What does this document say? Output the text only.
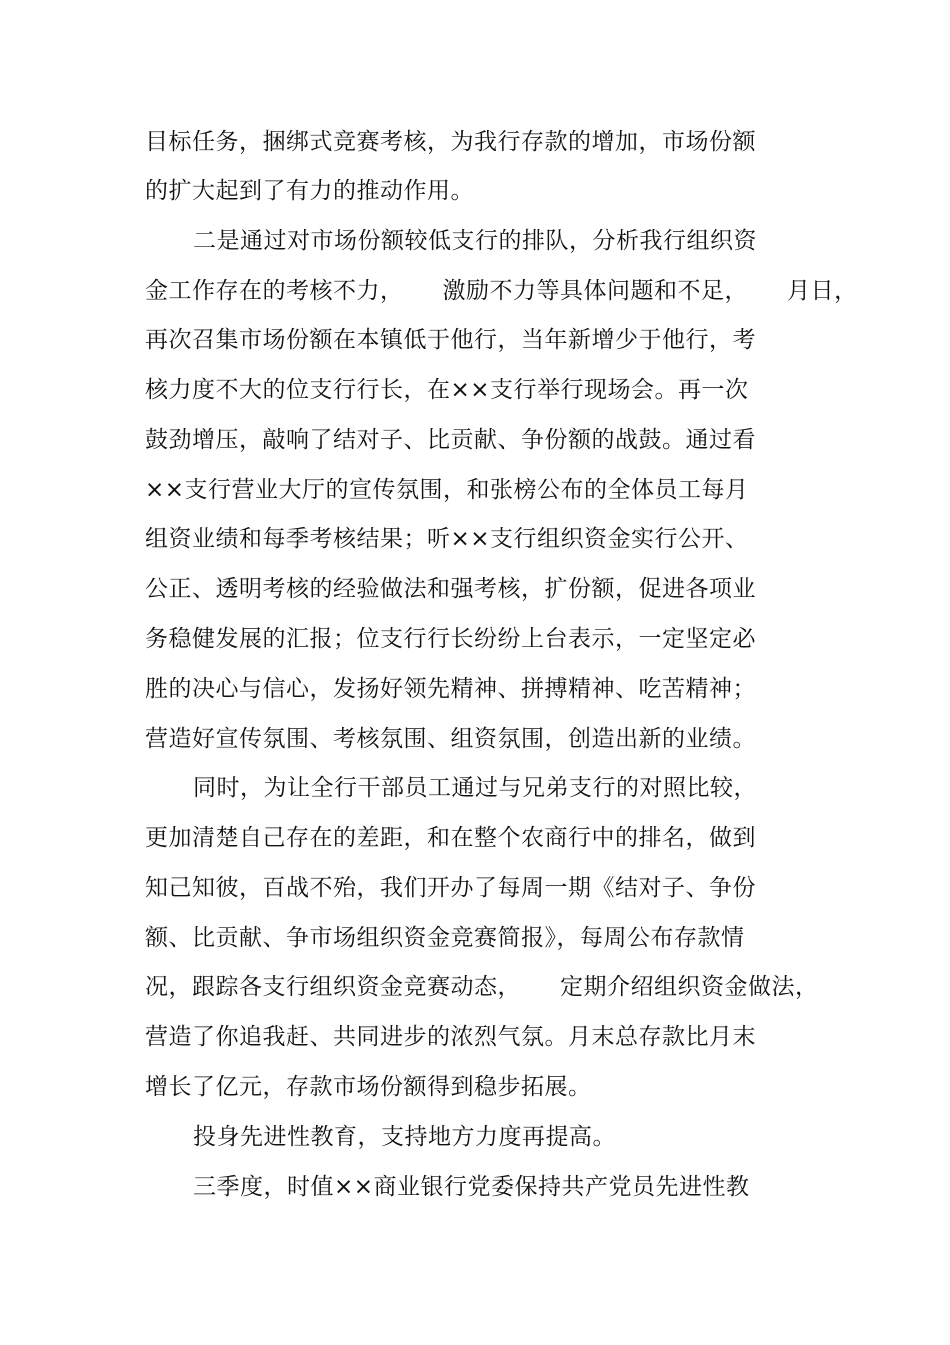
目标任务，捆绑式竞赛考核，为我行存款的增加，市场份额
的扩大起到了有力的推动作用。
二是通过对市场份额较低支行的排队，分析我行组织资
金工作存在的考核不力，     激励不力等具体问题和不足，     月日，
再次召集市场份额在本镇低于他行，当年新增少于他行，考
核力度不大的位支行行长，在××支行举行现场会。再一次
鼓劲增压，敲响了结对子、比贡献、争份额的战鼓。通过看
××支行营业大厅的宣传氛围，和张榜公布的全体员工每月
组资业绩和每季考核结果；听××支行组织资金实行公开、
公正、透明考核的经验做法和强考核，扩份额，促进各项业
务稳健发展的汇报；位支行行长纷纷上台表示，一定坚定必
胜的决心与信心，发扬好领先精神、拼搏精神、吃苦精神；
营造好宣传氛围、考核氛围、组资氛围，创造出新的业绩。
同时，为让全行干部员工通过与兄弟支行的对照比较，
更加清楚自己存在的差距，和在整个农商行中的排名，做到
知己知彼，百战不殆，我们开办了每周一期《结对子、争份
额、比贡献、争市场组织资金竞赛简报》，每周公布存款情
况，跟踪各支行组织资金竞赛动态，     定期介绍组织资金做法，
营造了你追我赶、共同进步的浓烈气氛。月末总存款比月末
增长了亿元，存款市场份额得到稳步拓展。
投身先进性教育，支持地方力度再提高。
三季度，时值××商业银行党委保持共产党员先进性教
